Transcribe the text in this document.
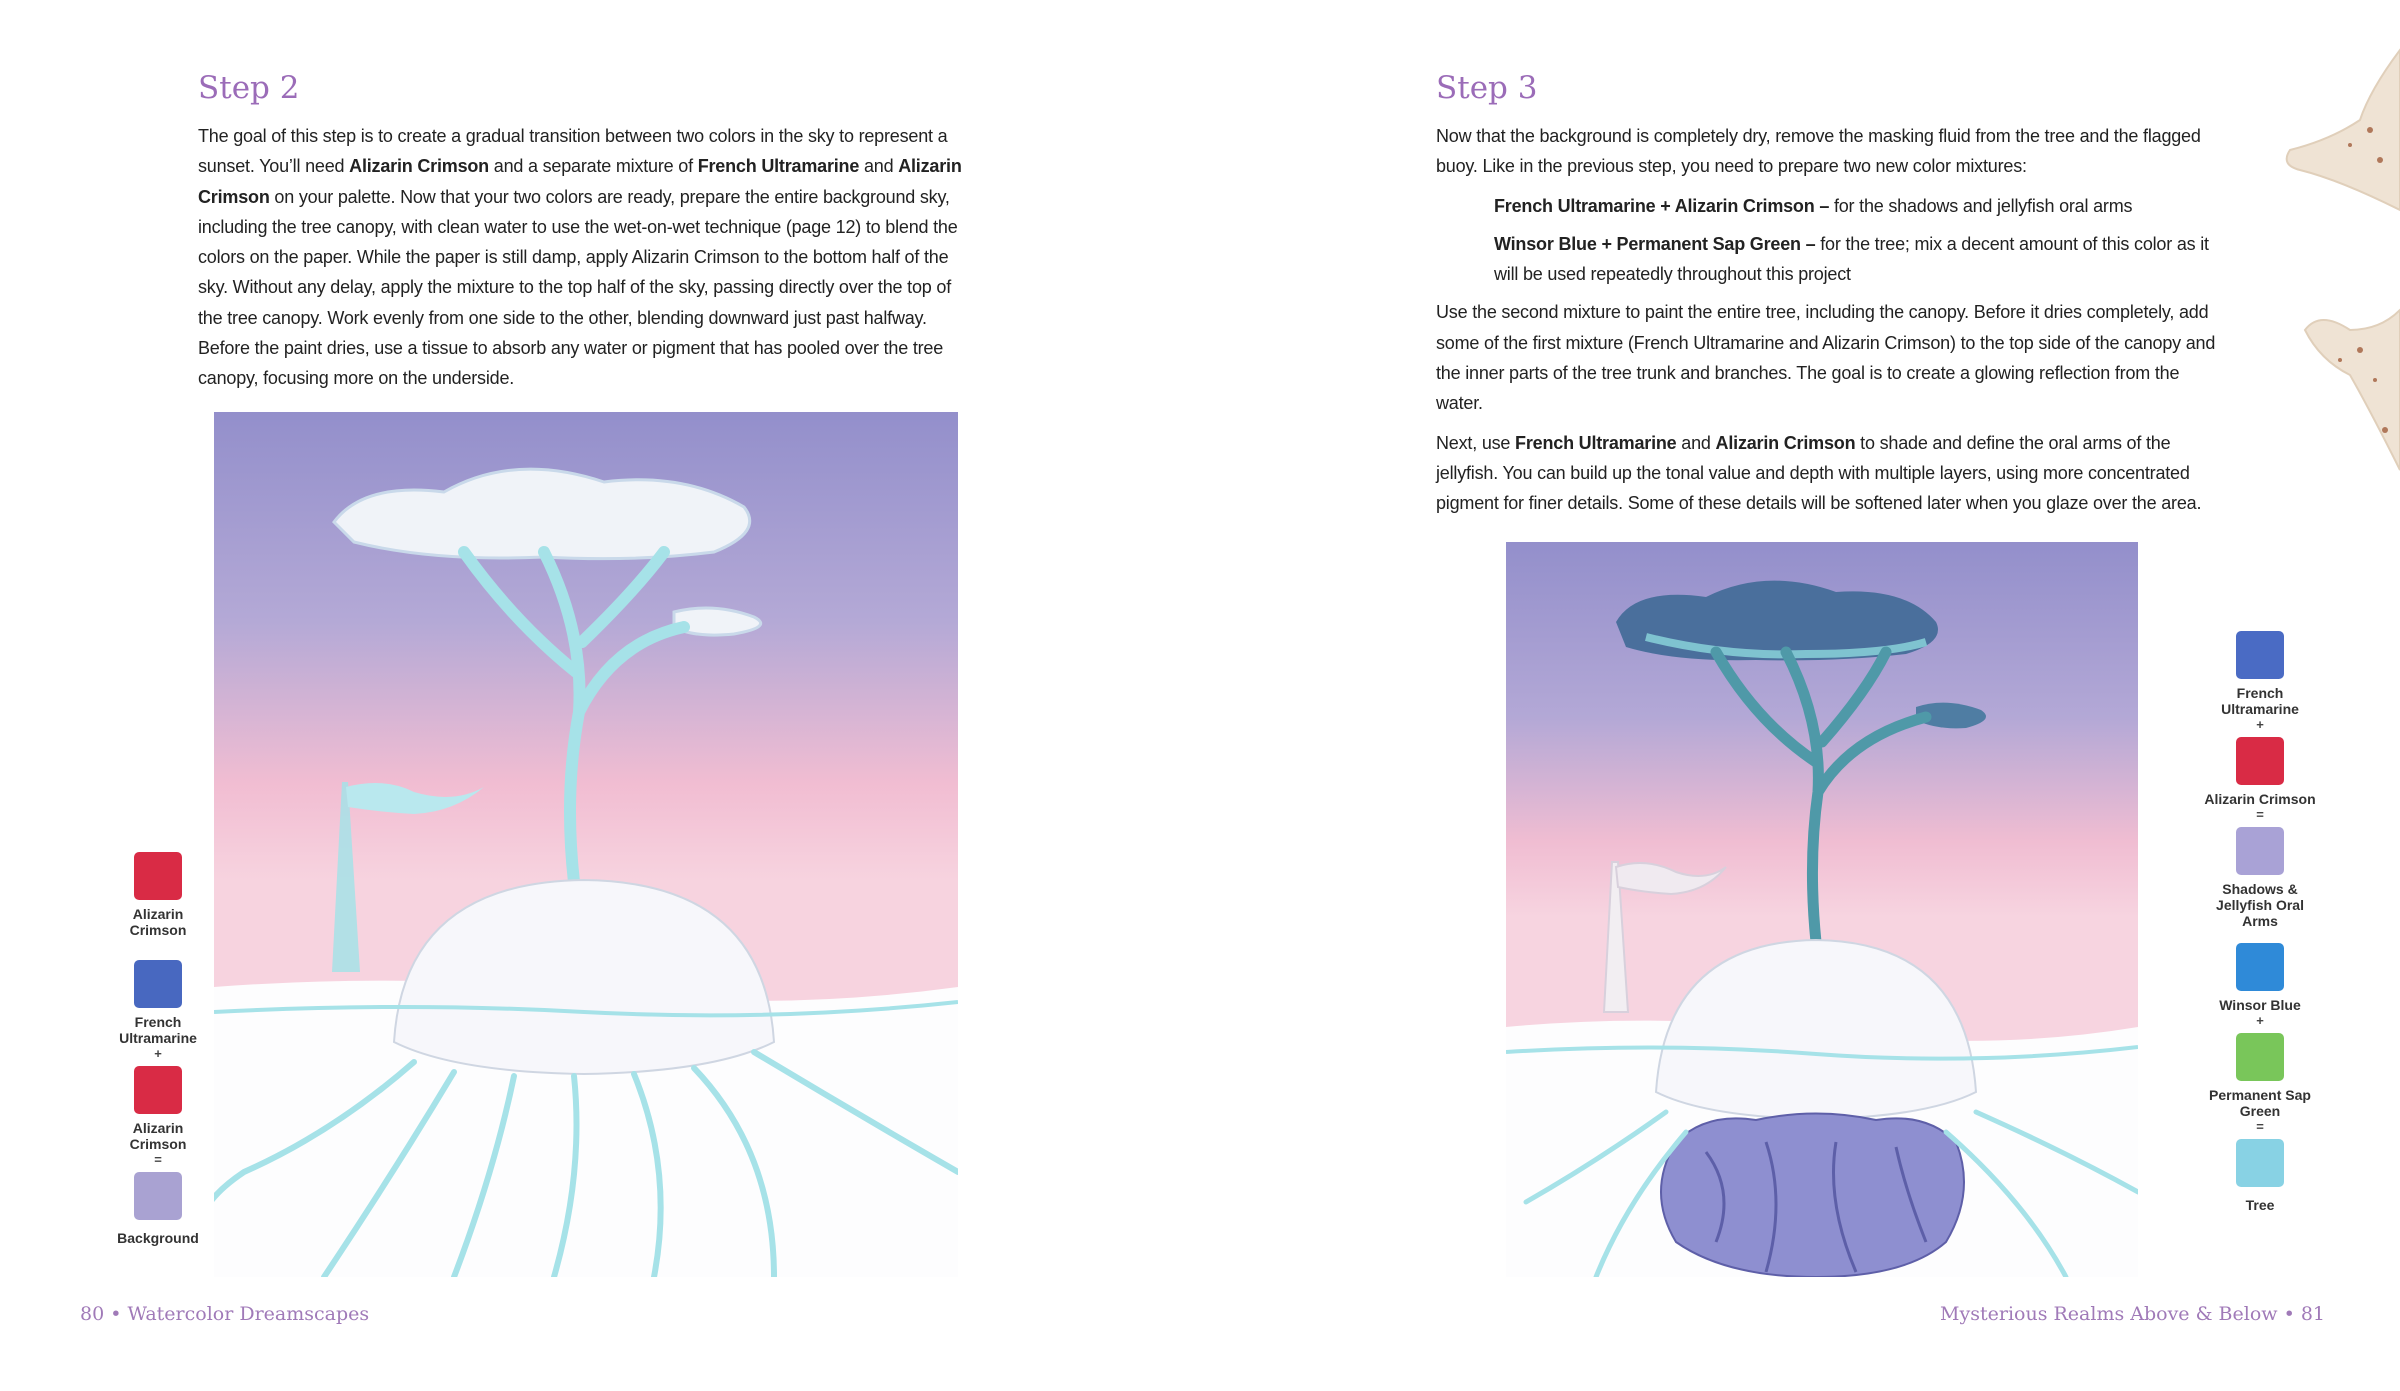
Step 2

The goal of this step is to create a gradual transition between two colors in the sky to represent a sunset. You’ll need Alizarin Crimson and a separate mixture of French Ultramarine and Alizarin Crimson on your palette. Now that your two colors are ready, prepare the entire background sky, including the tree canopy, with clean water to use the wet-on-wet technique (page 12) to blend the colors on the paper. While the paper is still damp, apply Alizarin Crimson to the bottom half of the sky. Without any delay, apply the mixture to the top half of the sky, passing directly over the top of the tree canopy. Work evenly from one side to the other, blending downward just past halfway. Before the paint dries, use a tissue to absorb any water or pigment that has pooled over the tree canopy, focusing more on the underside.

Alizarin Crimson
French Ultramarine
+
Alizarin Crimson
=
Background
80 • Watercolor Dreamscapes
Step 3

Now that the background is completely dry, remove the masking fluid from the tree and the flagged buoy. Like in the previous step, you need to prepare two new color mixtures:

French Ultramarine + Alizarin Crimson – for the shadows and jellyfish oral arms

Winsor Blue + Permanent Sap Green – for the tree; mix a decent amount of this color as it will be used repeatedly throughout this project

Use the second mixture to paint the entire tree, including the canopy. Before it dries completely, add some of the first mixture (French Ultramarine and Alizarin Crimson) to the top side of the canopy and the inner parts of the tree trunk and branches. The goal is to create a glowing reflection from the water.

Next, use French Ultramarine and Alizarin Crimson to shade and define the oral arms of the jellyfish. You can build up the tonal value and depth with multiple layers, using more concentrated pigment for finer details. Some of these details will be softened later when you glaze over the area.

French Ultramarine
+
Alizarin Crimson
=
Shadows & Jellyfish Oral Arms
Winsor Blue
+
Permanent Sap Green
=
Tree
Mysterious Realms Above & Below • 81
